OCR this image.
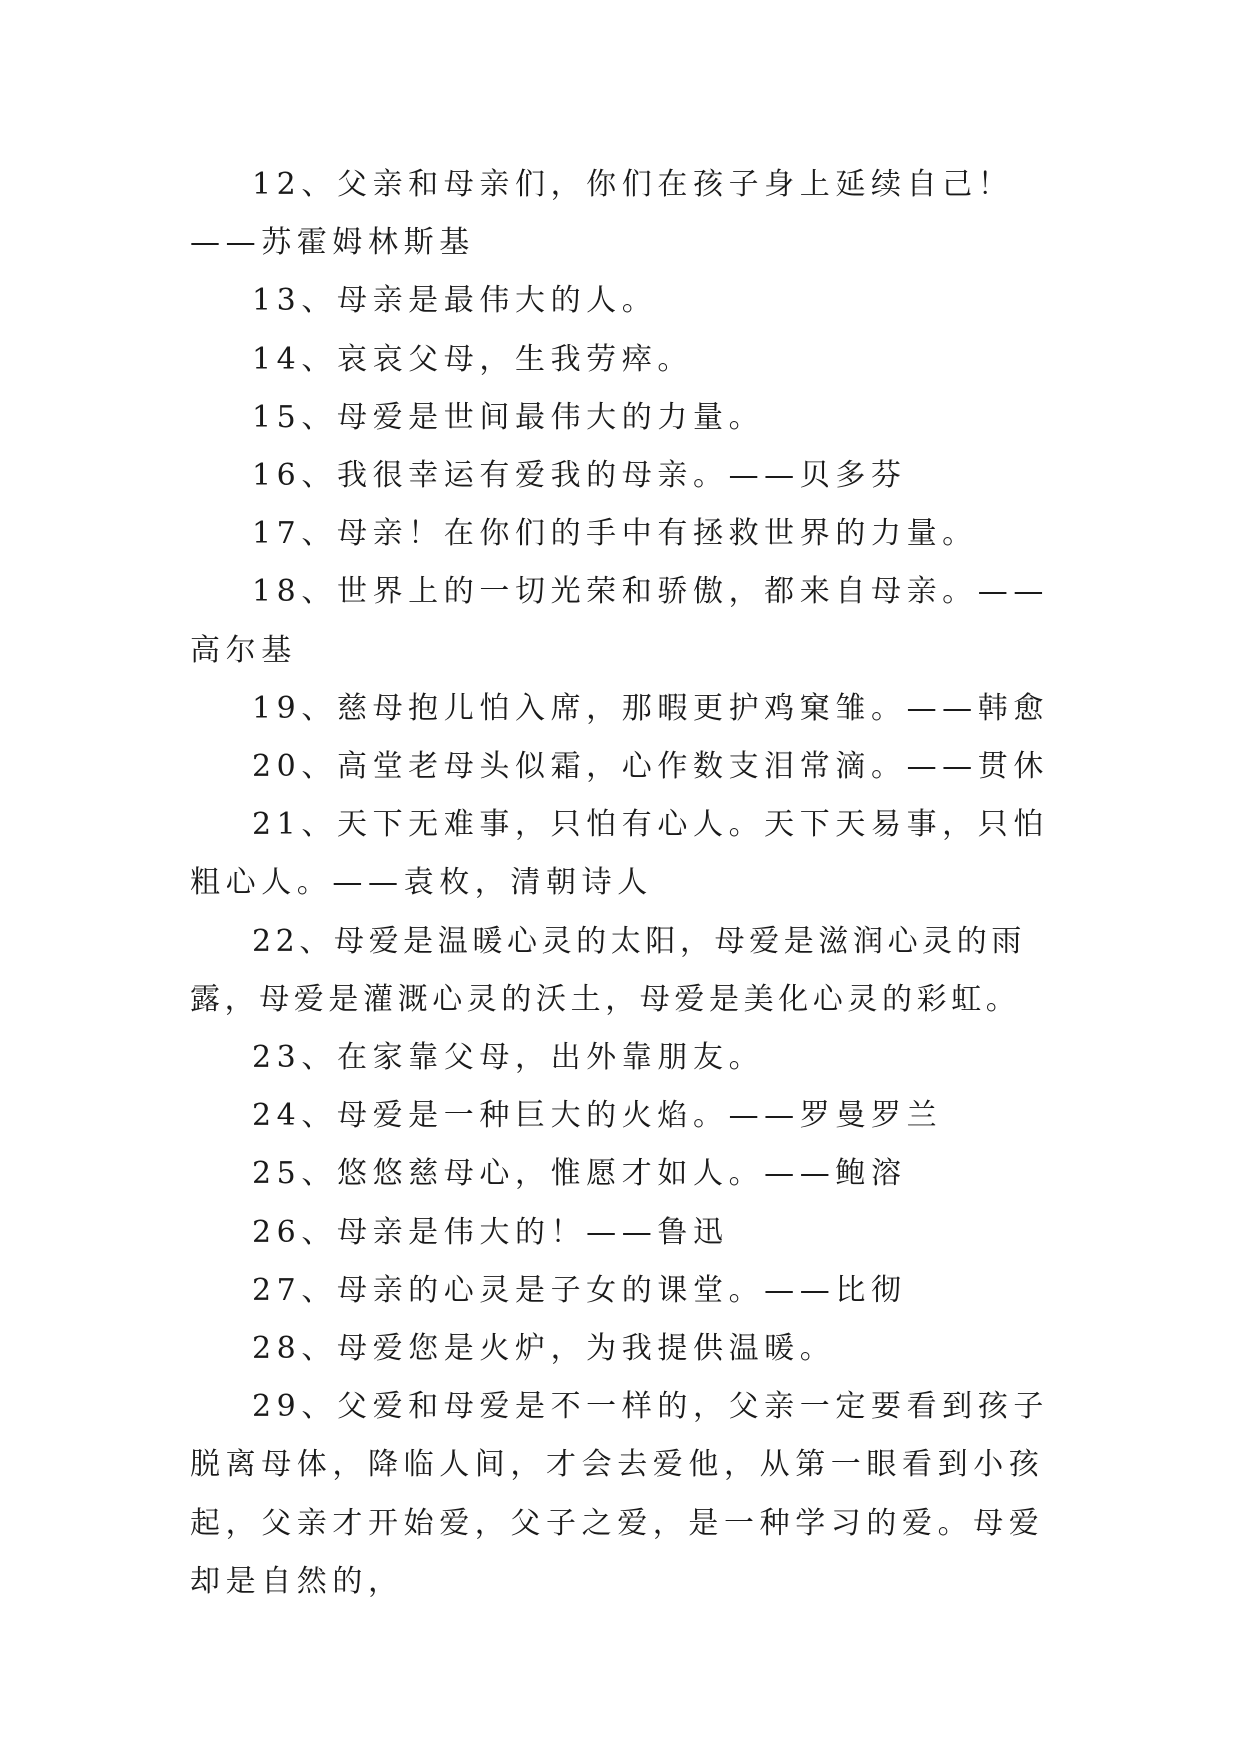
12、父亲和母亲们，你们在孩子身上延续自己！——苏霍姆林斯基

13、母亲是最伟大的人。

14、哀哀父母，生我劳瘁。

15、母爱是世间最伟大的力量。

16、我很幸运有爱我的母亲。——贝多芬

17、母亲！在你们的手中有拯救世界的力量。

18、世界上的一切光荣和骄傲，都来自母亲。——高尔基

19、慈母抱儿怕入席，那暇更护鸡窠雏。——韩愈

20、高堂老母头似霜，心作数支泪常滴。——贯休

21、天下无难事，只怕有心人。天下天易事，只怕粗心人。——袁枚，清朝诗人

22、母爱是温暖心灵的太阳，母爱是滋润心灵的雨露，母爱是灌溉心灵的沃土，母爱是美化心灵的彩虹。

23、在家靠父母，出外靠朋友。

24、母爱是一种巨大的火焰。——罗曼罗兰

25、悠悠慈母心，惟愿才如人。——鲍溶

26、母亲是伟大的！——鲁迅

27、母亲的心灵是子女的课堂。——比彻

28、母爱您是火炉，为我提供温暖。

29、父爱和母爱是不一样的，父亲一定要看到孩子脱离母体，降临人间，才会去爱他，从第一眼看到小孩起，父亲才开始爱，父子之爱，是一种学习的爱。母爱却是自然的，
